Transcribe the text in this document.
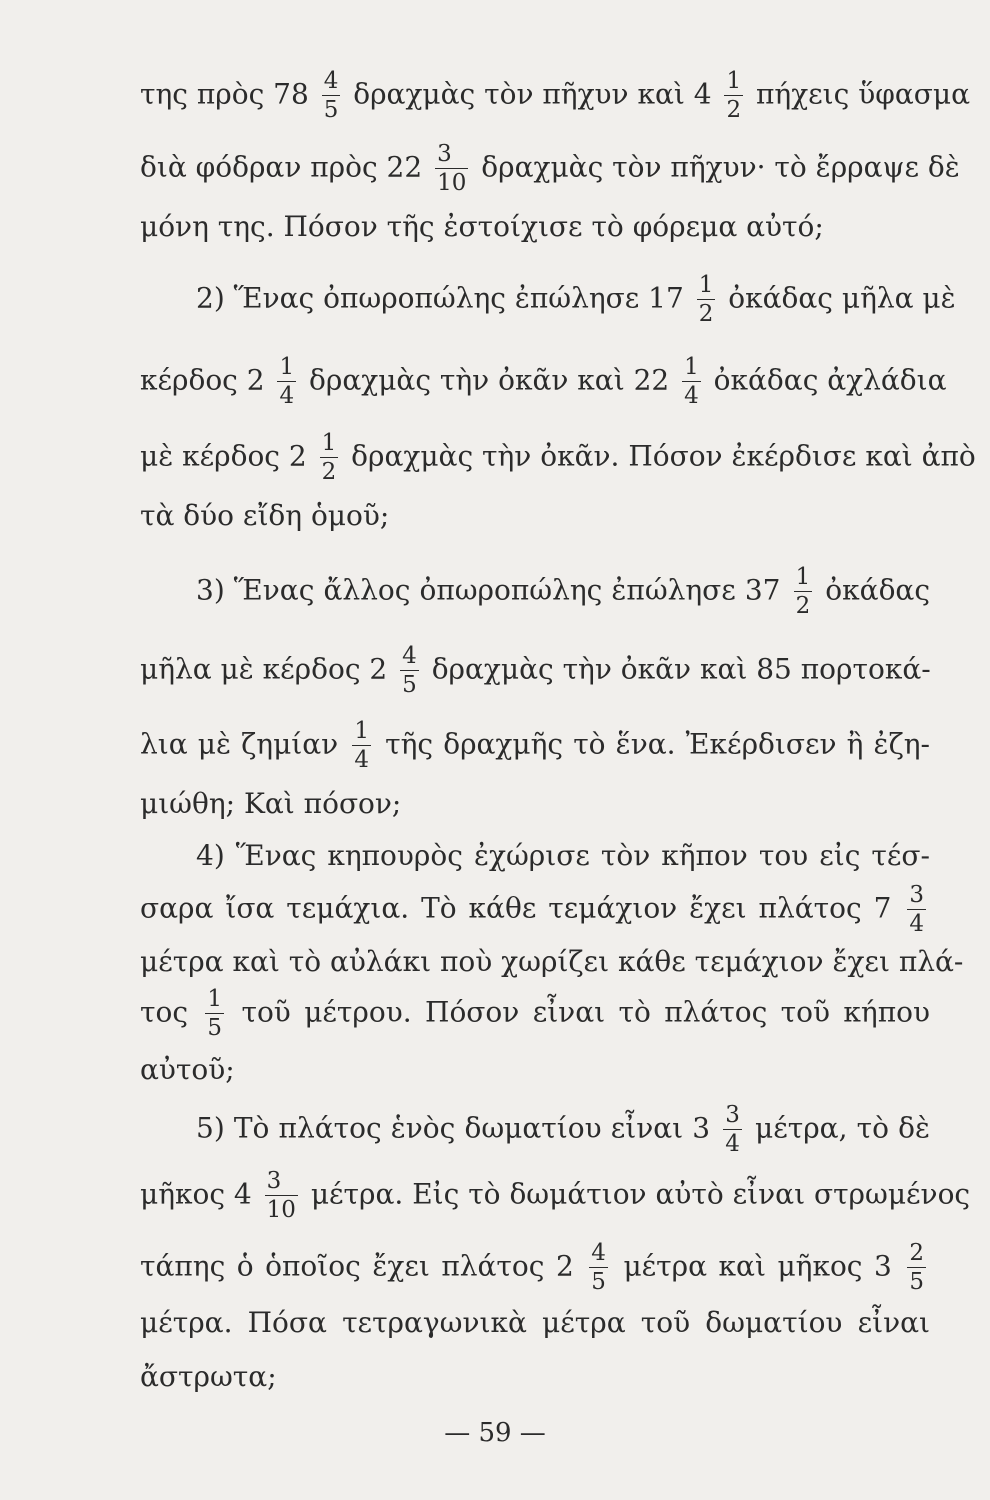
της πρὸς $78 \frac{4}{5}$ δραχμὰς τὸν πῆχυν καὶ $4 \frac{1}{2}$ πήχεις ὕφασμα
διὰ φόδραν πρὸς $22 \frac{3}{10}$ δραχμὰς τὸν πῆχυν· τὸ ἔρραψε δὲ
μόνη της. Πόσον τῆς ἐστοίχισε τὸ φόρεμα αὐτό;
2) Ἕνας ὀπωροπώλης ἐπώλησε $17 \frac{1}{2}$ ὀκάδας μῆλα μὲ
κέρδος $2 \frac{1}{4}$ δραχμὰς τὴν ὀκᾶν καὶ $22 \frac{1}{4}$ ὀκάδας ἀχλάδια
μὲ κέρδος $2 \frac{1}{2}$ δραχμὰς τὴν ὀκᾶν. Πόσον ἐκέρδισε καὶ ἀπὸ
τὰ δύο εἴδη ὁμοῦ;
3) Ἕνας ἄλλος ὀπωροπώλης ἐπώλησε $37 \frac{1}{2}$ ὀκάδας
μῆλα μὲ κέρδος $2 \frac{4}{5}$ δραχμὰς τὴν ὀκᾶν καὶ 85 πορτοκά-
λια μὲ ζημίαν $\frac{1}{4}$ τῆς δραχμῆς τὸ ἕνα. Ἐκέρδισεν ἢ ἐζη-
μιώθη; Καὶ πόσον;
4) Ἕνας κηπουρὸς ἐχώρισε τὸν κῆπον του εἰς τέσ-
σαρα ἴσα τεμάχια. Τὸ κάθε τεμάχιον ἔχει πλάτος $7 \frac{3}{4}$
μέτρα καὶ τὸ αὐλάκι ποὺ χωρίζει κάθε τεμάχιον ἔχει πλά-
τος $\frac{1}{5}$ τοῦ μέτρου. Πόσον εἶναι τὸ πλάτος τοῦ κήπου
αὐτοῦ;
5) Τὸ πλάτος ἑνὸς δωματίου εἶναι $3 \frac{3}{4} \mu έ\tau\rho\alpha$, τὸ δὲ
μῆκος $4 \frac{3}{10} \mu έ\tau\rho\alpha$. Εἰς τὸ δωμάτιον αὐτὸ εἶναι στρωμένος
τάπης ὁ ὁποῖος ἔχει πλάτος $2 \frac{4}{5}$ μέτρα καὶ μῆκος $3 \frac{2}{5}$
μέτρα. Πόσα τετραγωνικὰ μέτρα τοῦ δωματίου εἶναι
ἄστρωτα;
— 59 —
